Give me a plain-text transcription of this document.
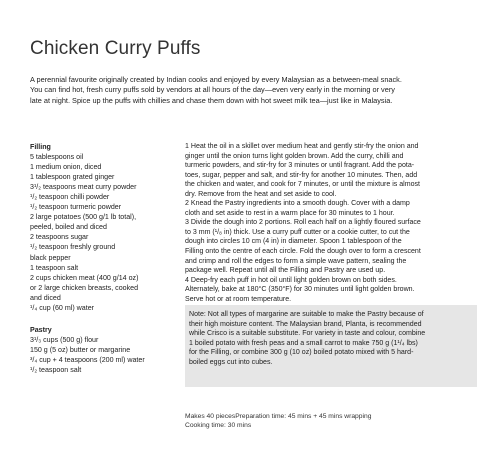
Chicken Curry Puffs
A perennial favourite originally created by Indian cooks and enjoyed by every Malaysian as a between-meal snack.
You can find hot, fresh curry puffs sold by vendors at all hours of the day—even very early in the morning or very
late at night. Spice up the puffs with chillies and chase them down with hot sweet milk tea—just like in Malaysia.
Filling
5 tablespoons oil
1 medium onion, diced
1 tablespoon grated ginger
3¹/₂ teaspoons meat curry powder
¹/₂ teaspoon chilli powder
¹/₂ teaspoon turmeric powder
2 large potatoes (500 g/1 lb total),
peeled, boiled and diced
2 teaspoons sugar
¹/₂ teaspoon freshly ground
black pepper
1 teaspoon salt
2 cups chicken meat (400 g/14 oz)
or 2 large chicken breasts, cooked
and diced
¹/₄ cup (60 ml) water
Pastry
3¹/₃ cups (500 g) flour
150 g (5 oz) butter or margarine
³/₄ cup + 4 teaspoons (200 ml) water
¹/₂ teaspoon salt
1 Heat the oil in a skillet over medium heat and gently stir-fry the onion and
ginger until the onion turns light golden brown. Add the curry, chilli and
turmeric powders, and stir-fry for 3 minutes or until fragrant. Add the pota-
toes, sugar, pepper and salt, and stir-fry for another 10 minutes. Then, add
the chicken and water, and cook for 7 minutes, or until the mixture is almost
dry. Remove from the heat and set aside to cool.
2 Knead the Pastry ingredients into a smooth dough. Cover with a damp
cloth and set aside to rest in a warm place for 30 minutes to 1 hour.
3 Divide the dough into 2 portions. Roll each half on a lightly floured surface
to 3 mm (¹/₈ in) thick. Use a curry puff cutter or a cookie cutter, to cut the
dough into circles 10 cm (4 in) in diameter. Spoon 1 tablespoon of the
Filling onto the centre of each circle. Fold the dough over to form a crescent
and crimp and roll the edges to form a simple wave pattern, sealing the
package well. Repeat until all the Filling and Pastry are used up.
4 Deep-fry each puff in hot oil until light golden brown on both sides.
Alternately, bake at 180°C (350°F) for 30 minutes until light golden brown.
Serve hot or at room temperature.
Note: Not all types of margarine are suitable to make the Pastry because of
their high moisture content. The Malaysian brand, Planta, is recommended
while Crisco is a suitable substitute. For variety in taste and colour, combine
1 boiled potato with fresh peas and a small carrot to make 750 g (1¹/₄ lbs)
for the Filling, or combine 300 g (10 oz) boiled potato mixed with 5 hard-
boiled eggs cut into cubes.
Makes 40 piecesPreparation time: 45 mins + 45 mins wrapping
Cooking time: 30 mins
